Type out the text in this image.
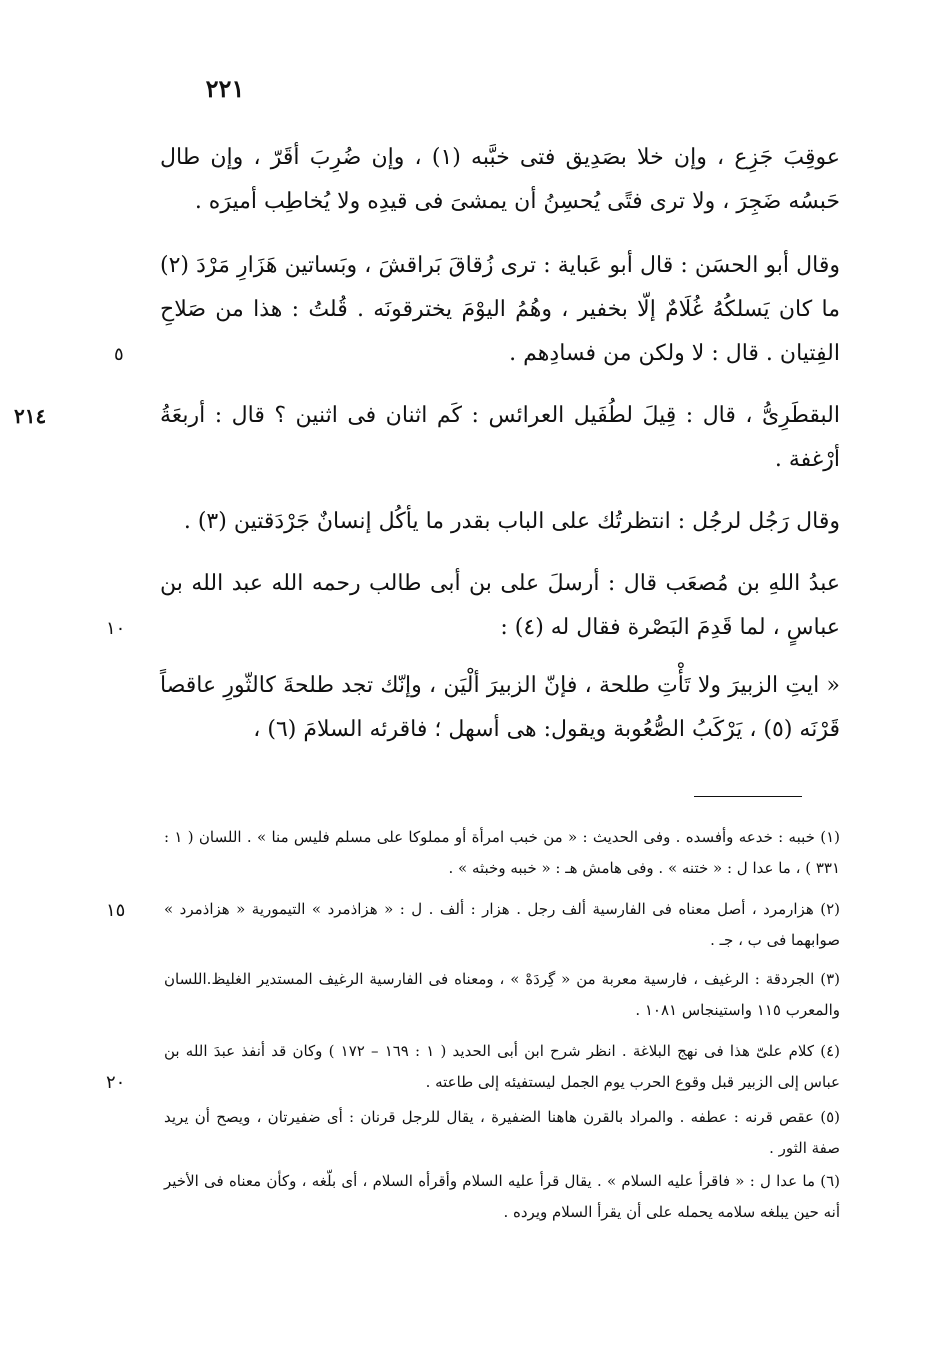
٢٢١

عوقِبَ جَزِع ، وإن خلا بصَدِيق فتى خبَّبه (١) ، وإن ضُرِبَ أقَرّ ، وإن طال حَبسُه ضَجِرَ ، ولا ترى فتًى يُحسِنُ أن يمشىَ فى قيدِه ولا يُخاطِب أميرَه .

وقال أبو الحسَن : قال أبو عَباية : ترى زُقاقَ بَراقشَ ، وبَساتين هَزَارِ مَرْدَ (٢) ما كان يَسلكُهُ غُلَامٌ إلّا بخفير ، وهُمُ اليوْمَ يخترقونَه . قُلتُ : هذا من صَلاحِ الفِتيان . قال : لا ولكن من فسادِهم .

البقطَرِىُّ ، قال : قِيلَ لطُفَيل العرائس : كَم اثنان فى اثنين ؟ قال : أربعَةُ أرْغفة .

وقال رَجُل لرجُل : انتظرتُك على الباب بقدر ما يأكُل إنسانٌ جَرْدَقتين (٣) .

عبدُ اللهِ بن مُصعَب قال : أرسلَ على بن أبى طالب رحمه الله عبد الله بن عباسٍ ، لما قَدِمَ البَصْرة فقال له (٤) :

« ايتِ الزبيرَ ولا تَأْتِ طلحة ، فإنّ الزبيرَ ألْيَن ، وإنّك تجد طلحةَ كالثّورِ عاقصاً قَرْنَه (٥) ، يَرْكَبُ الصُّعُوبة ويقول: هى أسهل ؛ فاقرئه السلامَ (٦) ،

٢١٤
٥
١٠
١٥
٢٠

(١) خببه : خدعه وأفسده . وفى الحديث : « من خبب امرأة أو مملوكا على مسلم فليس منا » . اللسان ( ١ : ٣٣١ ) ، ما عدا ل : « ختنه » . وفى هامش هـ : « خببه وخبثه » .

(٢) هزارمرد ، أصل معناه فى الفارسية ألف رجل . هزار : ألف . ل : « هزاذمرد » التيمورية « هزاذمرد » صوابهما فى ب ، جـ .

(٣) الجردقة : الرغيف ، فارسية معربة من « گِردَهْ » ، ومعناه فى الفارسية الرغيف المستدير الغليظ.اللسان والمعرب ١١٥ واستينجاس ١٠٨١ .

(٤) كلام علىّ هذا فى نهج البلاغة . انظر شرح ابن أبى الحديد ( ١ : ١٦٩ – ١٧٢ ) وكان قد أنفذ عبدَ الله بن عباس إلى الزبير قبل وقوع الحرب يوم الجمل ليستفيئه إلى طاعته .

(٥) عقص قرنه : عطفه . والمراد بالقرن هاهنا الضفيرة ، يقال للرجل قرنان : أى ضفيرتان ، ويصح أن يريد صفة الثور .

(٦) ما عدا ل : « فاقرأ عليه السلام » . يقال قرأ عليه السلام وأقرأه السلام ، أى بلّغه ، وكأن معناه فى الأخير أنه حين يبلغه سلامه يحمله على أن يقرأ السلام ويرده .
